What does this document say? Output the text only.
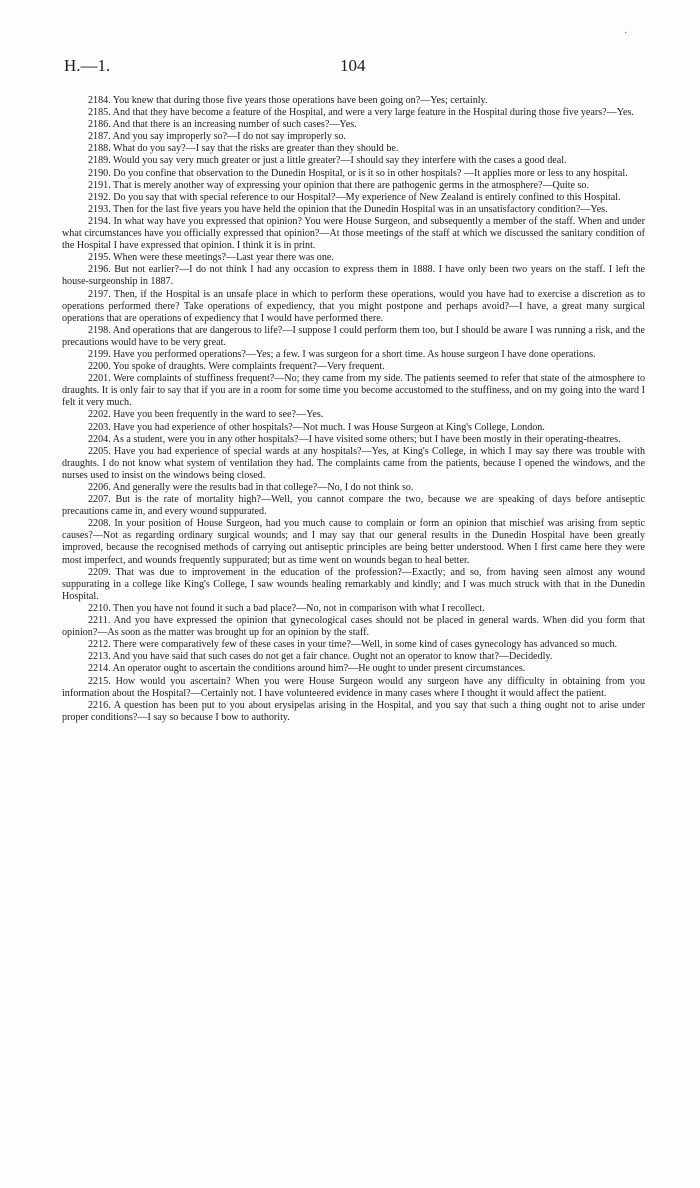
·
H.—1.	104

2184. You knew that during those five years those operations have been going on?—Yes; certainly.

2185. And that they have become a feature of the Hospital, and were a very large feature in the Hospital during those five years?—Yes.

2186. And that there is an increasing number of such cases?—Yes.

2187. And you say improperly so?—I do not say improperly so.

2188. What do you say?—I say that the risks are greater than they should be.

2189. Would you say very much greater or just a little greater?—I should say they interfere with the cases a good deal.

2190. Do you confine that observation to the Dunedin Hospital, or is it so in other hospitals? —It applies more or less to any hospital.

2191. That is merely another way of expressing your opinion that there are pathogenic germs in the atmosphere?—Quite so.

2192. Do you say that with special reference to our Hospital?—My experience of New Zealand is entirely confined to this Hospital.

2193. Then for the last five years you have held the opinion that the Dunedin Hospital was in an unsatisfactory condition?—Yes.

2194. In what way have you expressed that opinion? You were House Surgeon, and subsequently a member of the staff. When and under what circumstances have you officially expressed that opinion?—At those meetings of the staff at which we discussed the sanitary condition of the Hospital I have expressed that opinion. I think it is in print.

2195. When were these meetings?—Last year there was one.

2196. But not earlier?—I do not think I had any occasion to express them in 1888. I have only been two years on the staff. I left the house-surgeonship in 1887.

2197. Then, if the Hospital is an unsafe place in which to perform these operations, would you have had to exercise a discretion as to operations performed there? Take operations of expediency, that you might postpone and perhaps avoid?—I have, a great many surgical operations that are operations of expediency that I would have performed there.

2198. And operations that are dangerous to life?—I suppose I could perform them too, but I should be aware I was running a risk, and the precautions would have to be very great.

2199. Have you performed operations?—Yes; a few. I was surgeon for a short time. As house surgeon I have done operations.

2200. You spoke of draughts. Were complaints frequent?—Very frequent.

2201. Were complaints of stuffiness frequent?—No; they came from my side. The patients seemed to refer that state of the atmosphere to draughts. It is only fair to say that if you are in a room for some time you become accustomed to the stuffiness, and on my going into the ward I felt it very much.

2202. Have you been frequently in the ward to see?—Yes.

2203. Have you had experience of other hospitals?—Not much. I was House Surgeon at King's College, London.

2204. As a student, were you in any other hospitals?—I have visited some others; but I have been mostly in their operating-theatres.

2205. Have you had experience of special wards at any hospitals?—Yes, at King's College, in which I may say there was trouble with draughts. I do not know what system of ventilation they had. The complaints came from the patients, because I opened the windows, and the nurses used to insist on the windows being closed.

2206. And generally were the results bad in that college?—No, I do not think so.

2207. But is the rate of mortality high?—Well, you cannot compare the two, because we are speaking of days before antiseptic precautions came in, and every wound suppurated.

2208. In your position of House Surgeon, had you much cause to complain or form an opinion that mischief was arising from septic causes?—Not as regarding ordinary surgical wounds; and I may say that our general results in the Dunedin Hospital have been greatly improved, because the recognised methods of carrying out antiseptic principles are being better understood. When I first came here they were most imperfect, and wounds frequently suppurated; but as time went on wounds began to heal better.

2209. That was due to improvement in the education of the profession?—Exactly; and so, from having seen almost any wound suppurating in a college like King's College, I saw wounds healing remarkably and kindly; and I was much struck with that in the Dunedin Hospital.

2210. Then you have not found it such a bad place?—No, not in comparison with what I recollect.

2211. And you have expressed the opinion that gynecological cases should not be placed in general wards. When did you form that opinion?—As soon as the matter was brought up for an opinion by the staff.

2212. There were comparatively few of these cases in your time?—Well, in some kind of cases gynecology has advanced so much.

2213. And you have said that such cases do not get a fair chance. Ought not an operator to know that?—Decidedly.

2214. An operator ought to ascertain the conditions around him?—He ought to under present circumstances.

2215. How would you ascertain? When you were House Surgeon would any surgeon have any difficulty in obtaining from you information about the Hospital?—Certainly not. I have volunteered evidence in many cases where I thought it would affect the patient.

2216. A question has been put to you about erysipelas arising in the Hospital, and you say that such a thing ought not to arise under proper conditions?—I say so because I bow to authority.
